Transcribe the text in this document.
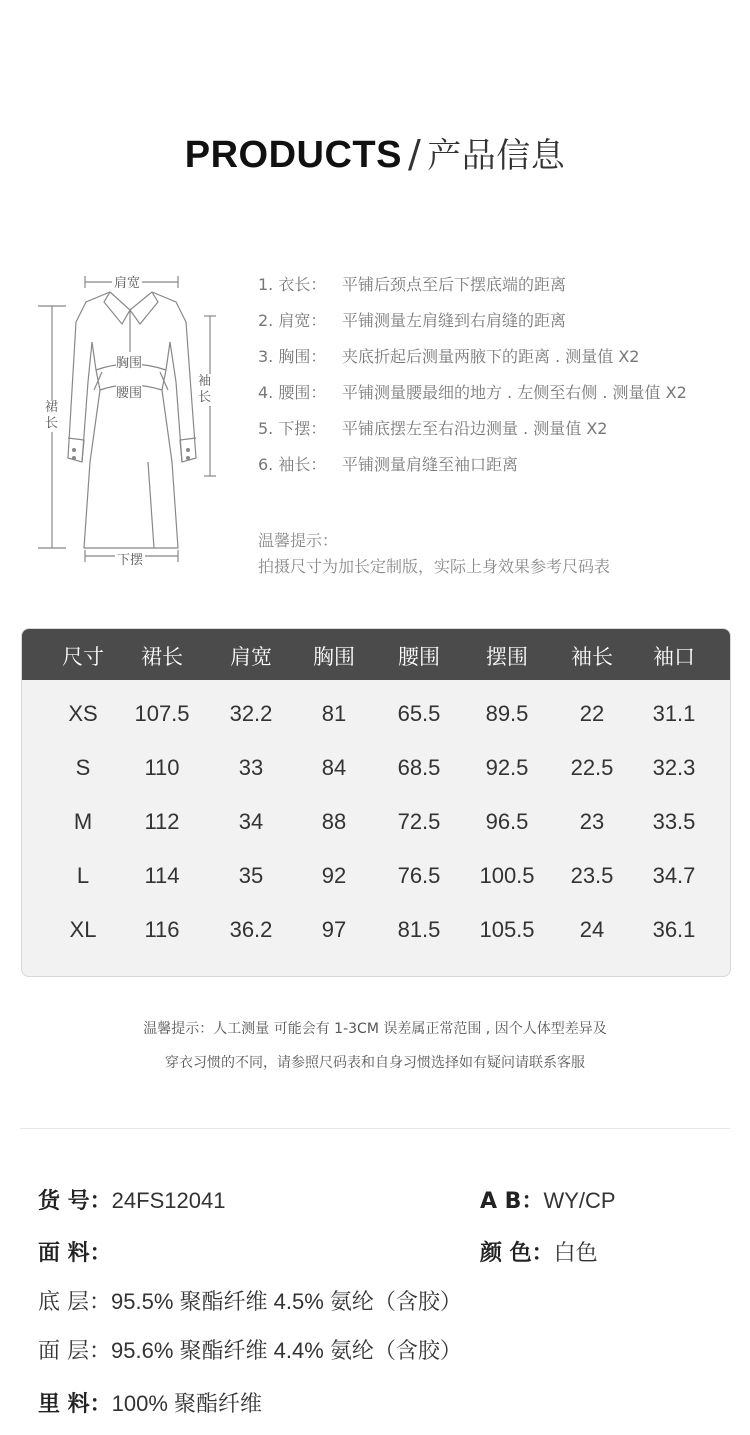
PRODUCTS / 产品信息
肩宽
胸围
腰围
袖长
裙长
下摆
1. 衣长： 平铺后颈点至后下摆底端的距离
2. 肩宽： 平铺测量左肩缝到右肩缝的距离
3. 胸围： 夹底折起后测量两腋下的距离 . 测量值 X2
4. 腰围： 平铺测量腰最细的地方 . 左侧至右侧 . 测量值 X2
5. 下摆： 平铺底摆左至右沿边测量 . 测量值 X2
6. 袖长： 平铺测量肩缝至袖口距离
温馨提示：
拍摄尺寸为加长定制版，实际上身效果参考尺码表
尺寸	裙长	肩宽	胸围	腰围	摆围	袖长	袖口
XS	107.5	32.2	81	65.5	89.5	22	31.1
S	110	33	84	68.5	92.5	22.5	32.3
M	112	34	88	72.5	96.5	23	33.5
L	114	35	92	76.5	100.5	23.5	34.7
XL	116	36.2	97	81.5	105.5	24	36.1
温馨提示：人工测量 可能会有 1-3CM 误差属正常范围 , 因个人体型差异及
穿衣习惯的不同，请参照尺码表和自身习惯选择如有疑问请联系客服
货 号：24FS12041	A B：WY/CP
面 料：	颜 色：白色
底 层：95.5% 聚酯纤维 4.5% 氨纶（含胶）
面 层：95.6% 聚酯纤维 4.4% 氨纶（含胶）
里 料：100% 聚酯纤维
